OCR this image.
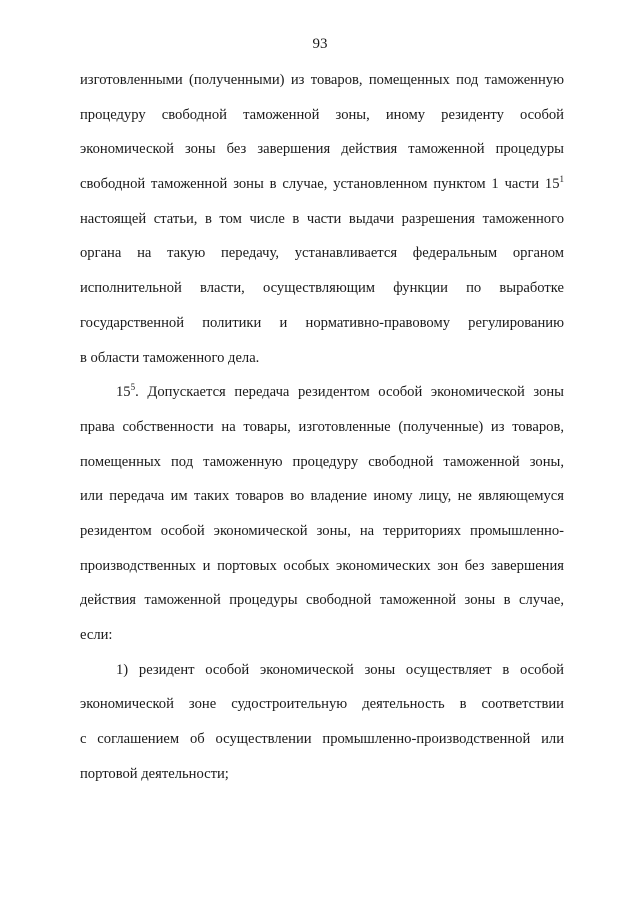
93
изготовленными (полученными) из товаров, помещенных под таможенную
процедуру свободной таможенной зоны, иному резиденту особой
экономической зоны без завершения действия таможенной процедуры
свободной таможенной зоны в случае, установленном пунктом 1 части $15^1$
настоящей статьи, в том числе в части выдачи разрешения таможенного
органа на такую передачу, устанавливается федеральным органом
исполнительной власти, осуществляющим функции по выработке
государственной политики и нормативно-правовому регулированию
в области таможенного дела.
$15^5$. Допускается передача резидентом особой экономической зоны
права собственности на товары, изготовленные (полученные) из товаров,
помещенных под таможенную процедуру свободной таможенной зоны,
или передача им таких товаров во владение иному лицу, не являющемуся
резидентом особой экономической зоны, на территориях промышленно-
производственных и портовых особых экономических зон без завершения
действия таможенной процедуры свободной таможенной зоны в случае,
если:
1) резидент особой экономической зоны осуществляет в особой
экономической зоне судостроительную деятельность в соответствии
с соглашением об осуществлении промышленно-производственной или
портовой деятельности;
